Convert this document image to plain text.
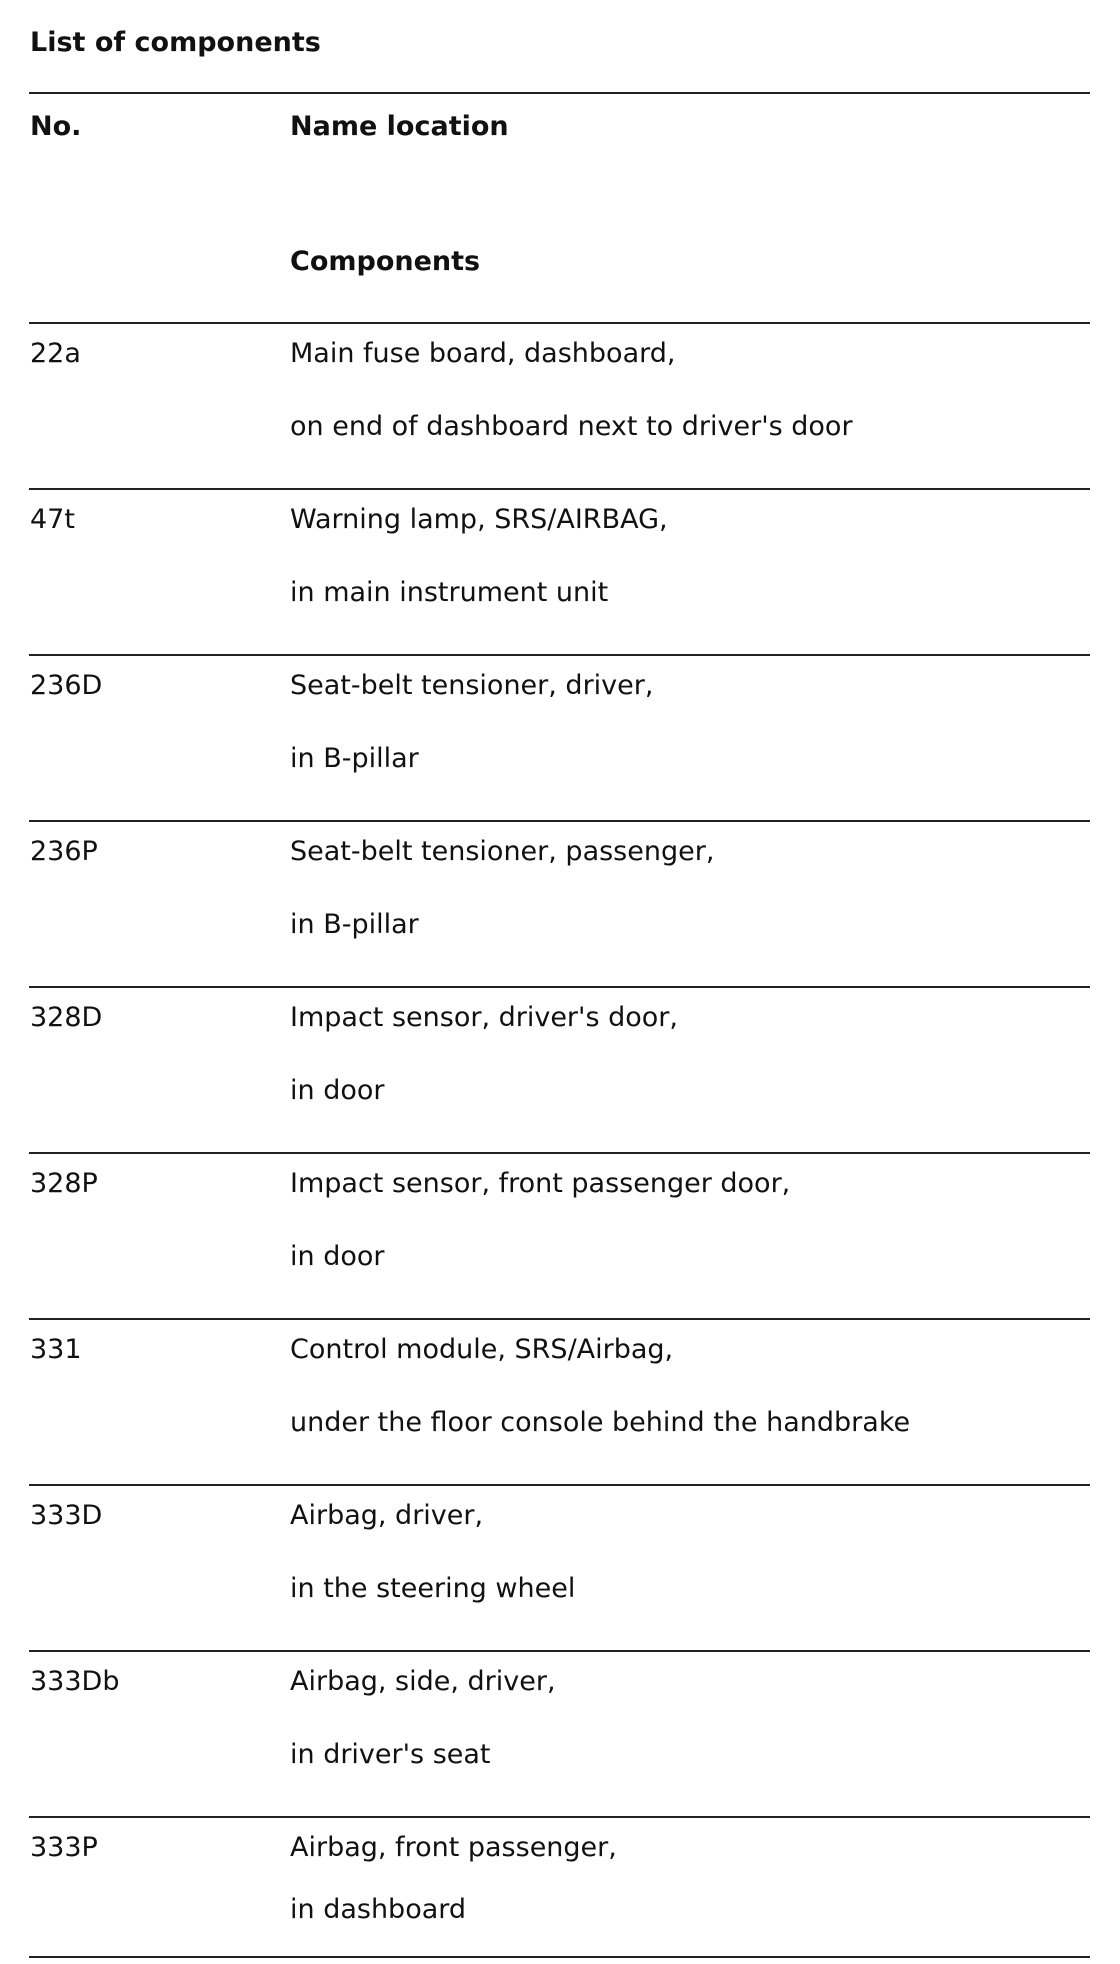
List of components
No.	Name location
Components
22a	Main fuse board, dashboard,
on end of dashboard next to driver's door
47t	Warning lamp, SRS/AIRBAG,
in main instrument unit
236D	Seat-belt tensioner, driver,
in B-pillar
236P	Seat-belt tensioner, passenger,
in B-pillar
328D	Impact sensor, driver's door,
in door
328P	Impact sensor, front passenger door,
in door
331	Control module, SRS/Airbag,
under the floor console behind the handbrake
333D	Airbag, driver,
in the steering wheel
333Db	Airbag, side, driver,
in driver's seat
333P	Airbag, front passenger,
in dashboard
